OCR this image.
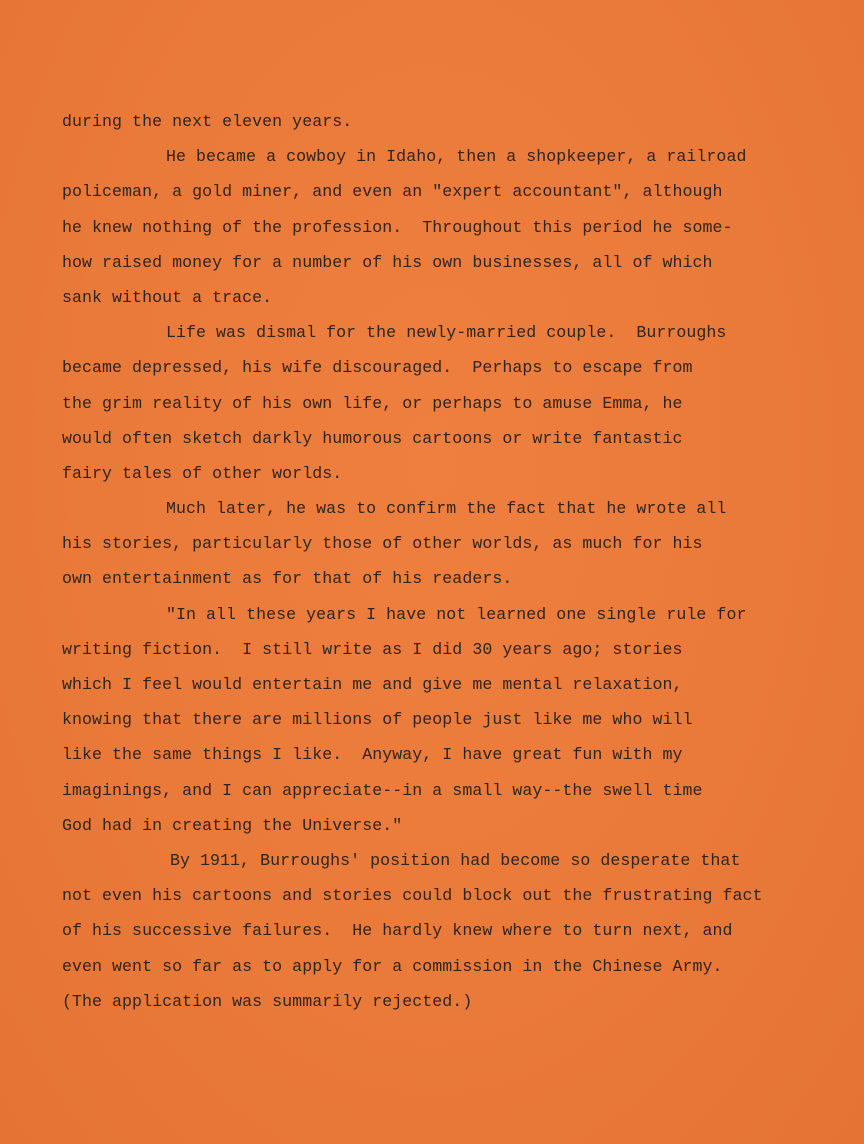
during the next eleven years.
He became a cowboy in Idaho, then a shopkeeper, a railroad
policeman, a gold miner, and even an "expert accountant", although
he knew nothing of the profession.  Throughout this period he some-
how raised money for a number of his own businesses, all of which
sank without a trace.
Life was dismal for the newly-married couple.  Burroughs
became depressed, his wife discouraged.  Perhaps to escape from
the grim reality of his own life, or perhaps to amuse Emma, he
would often sketch darkly humorous cartoons or write fantastic
fairy tales of other worlds.
Much later, he was to confirm the fact that he wrote all
his stories, particularly those of other worlds, as much for his
own entertainment as for that of his readers.
"In all these years I have not learned one single rule for
writing fiction.  I still write as I did 30 years ago; stories
which I feel would entertain me and give me mental relaxation,
knowing that there are millions of people just like me who will
like the same things I like.  Anyway, I have great fun with my
imaginings, and I can appreciate--in a small way--the swell time
God had in creating the Universe."
By 1911, Burroughs' position had become so desperate that
not even his cartoons and stories could block out the frustrating fact
of his successive failures.  He hardly knew where to turn next, and
even went so far as to apply for a commission in the Chinese Army.
(The application was summarily rejected.)
